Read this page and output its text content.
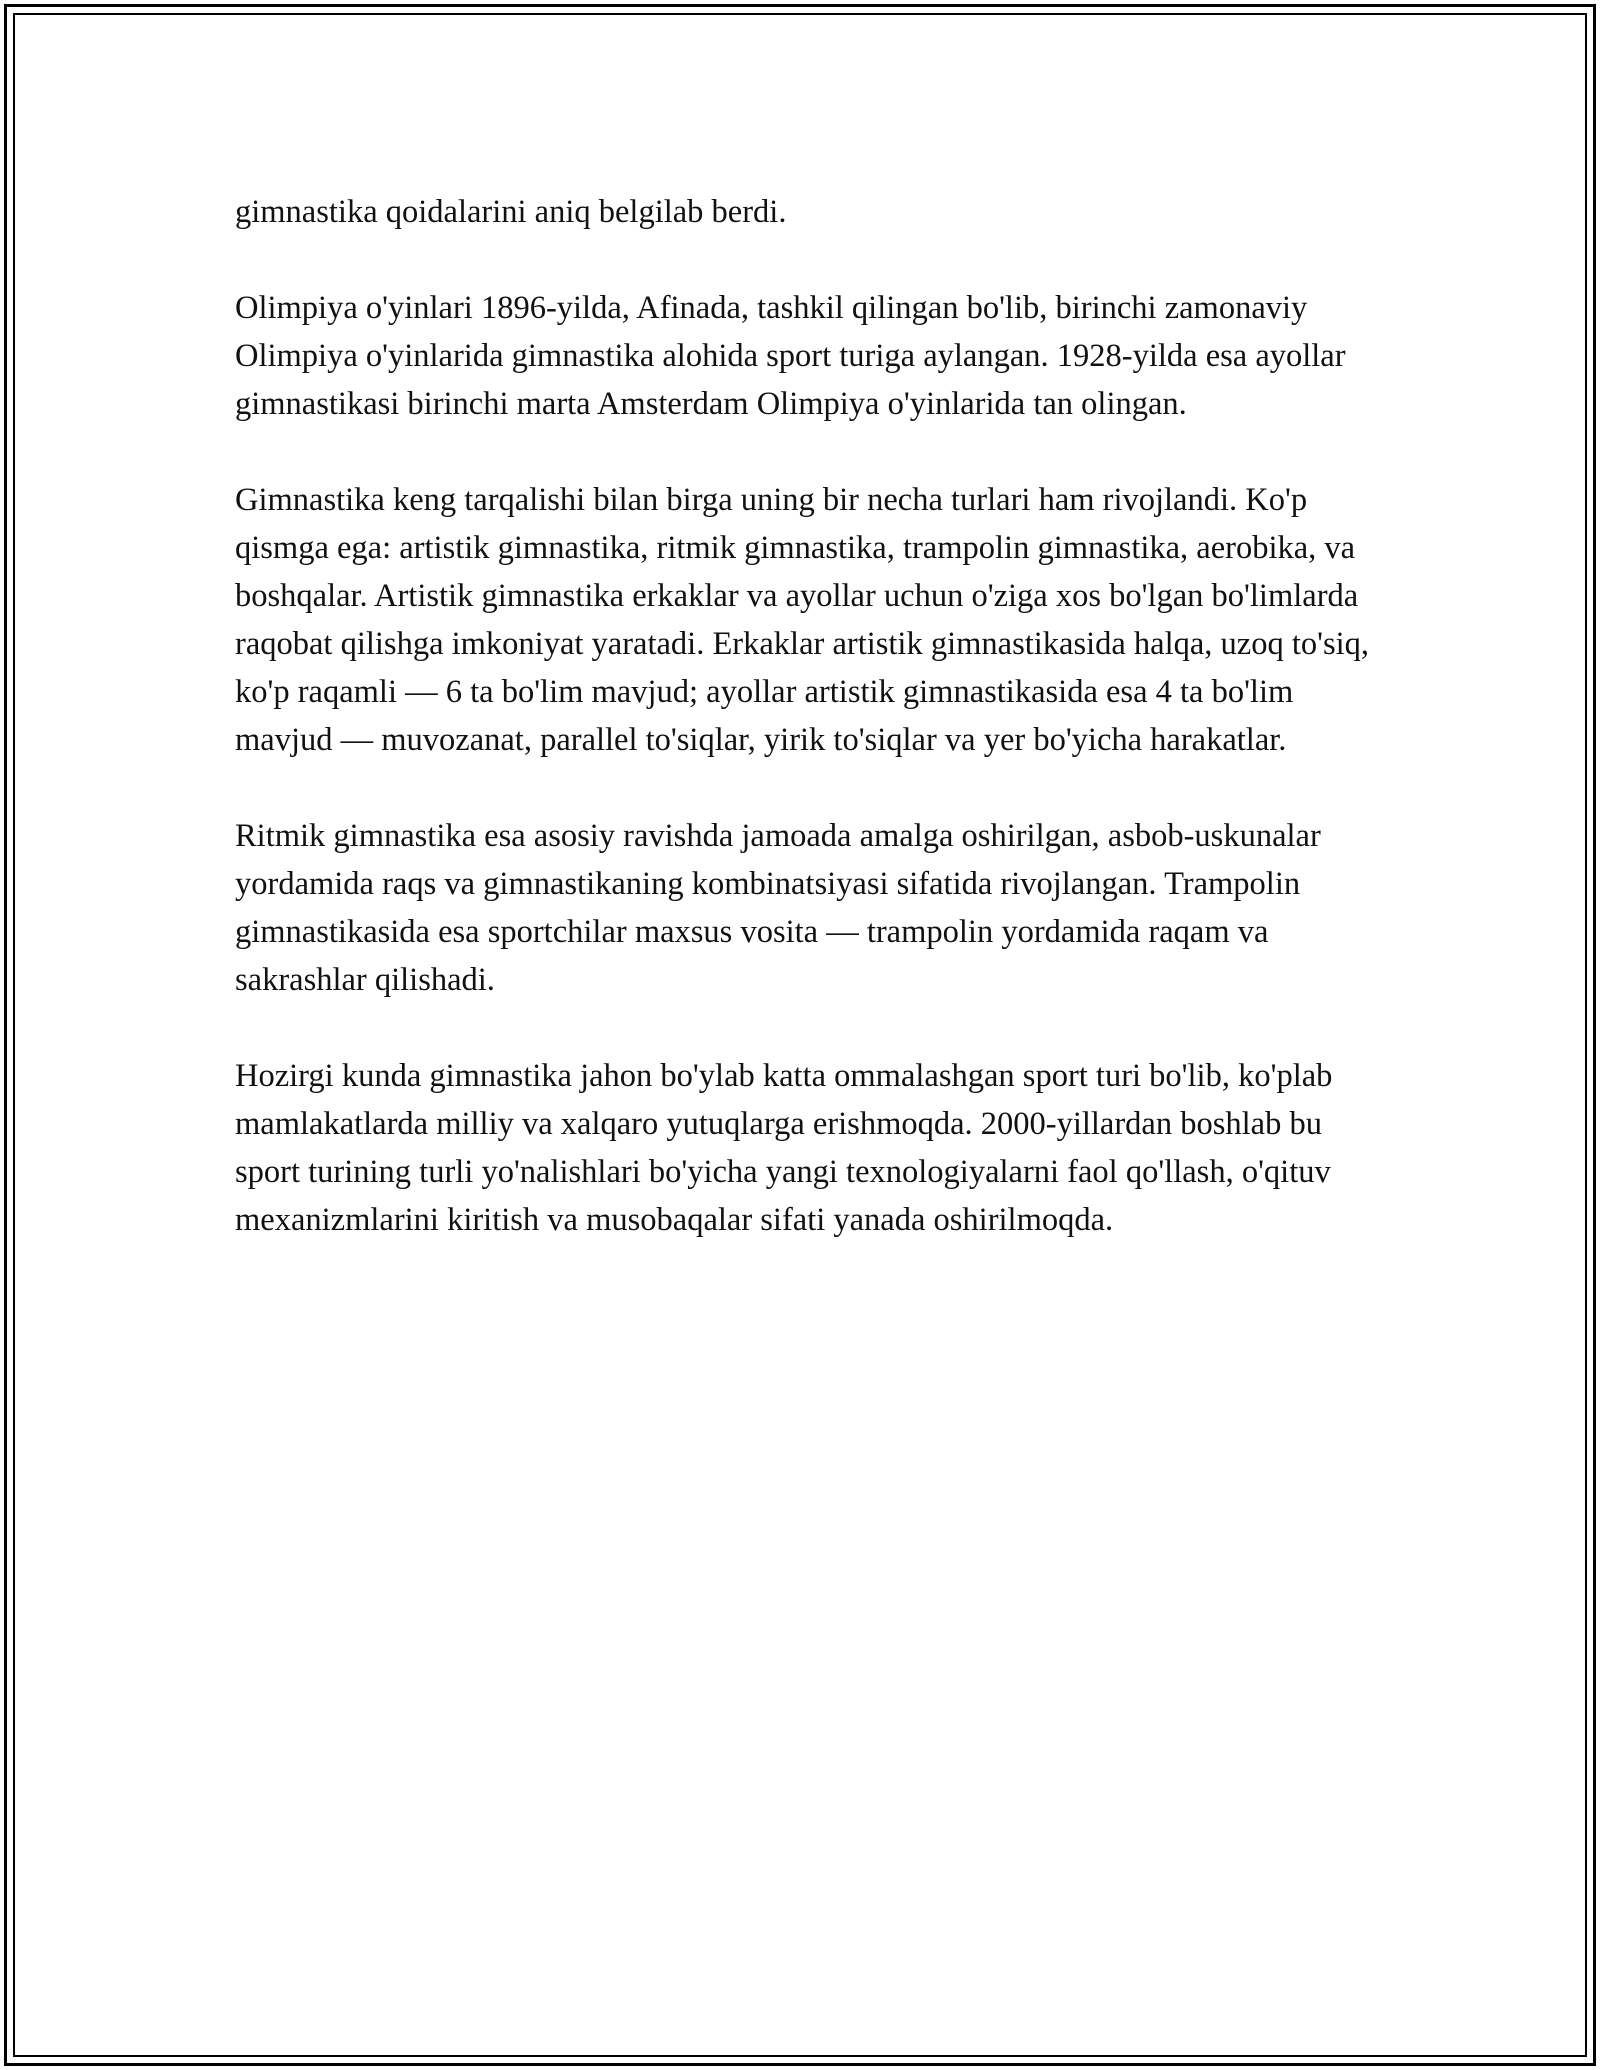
gimnastika qoidalarini aniq belgilab berdi.

Olimpiya o'yinlari 1896-yilda, Afinada, tashkil qilingan bo'lib, birinchi zamonaviy Olimpiya o'yinlarida gimnastika alohida sport turiga aylangan. 1928-yilda esa ayollar gimnastikasi birinchi marta Amsterdam Olimpiya o'yinlarida tan olingan.

Gimnastika keng tarqalishi bilan birga uning bir necha turlari ham rivojlandi. Ko'p qismga ega: artistik gimnastika, ritmik gimnastika, trampolin gimnastika, aerobika, va boshqalar. Artistik gimnastika erkaklar va ayollar uchun o'ziga xos bo'lgan bo'limlarda raqobat qilishga imkoniyat yaratadi. Erkaklar artistik gimnastikasida halqa, uzoq to'siq, ko'p raqamli — 6 ta bo'lim mavjud; ayollar artistik gimnastikasida esa 4 ta bo'lim mavjud — muvozanat, parallel to'siqlar, yirik to'siqlar va yer bo'yicha harakatlar.

Ritmik gimnastika esa asosiy ravishda jamoada amalga oshirilgan, asbob-uskunalar yordamida raqs va gimnastikaning kombinatsiyasi sifatida rivojlangan. Trampolin gimnastikasida esa sportchilar maxsus vosita — trampolin yordamida raqam va sakrashlar qilishadi.

Hozirgi kunda gimnastika jahon bo'ylab katta ommalashgan sport turi bo'lib, ko'plab mamlakatlarda milliy va xalqaro yutuqlarga erishmoqda. 2000-yillardan boshlab bu sport turining turli yo'nalishlari bo'yicha yangi texnologiyalarni faol qo'llash, o'qituv mexanizmlarini kiritish va musobaqalar sifati yanada oshirilmoqda.
